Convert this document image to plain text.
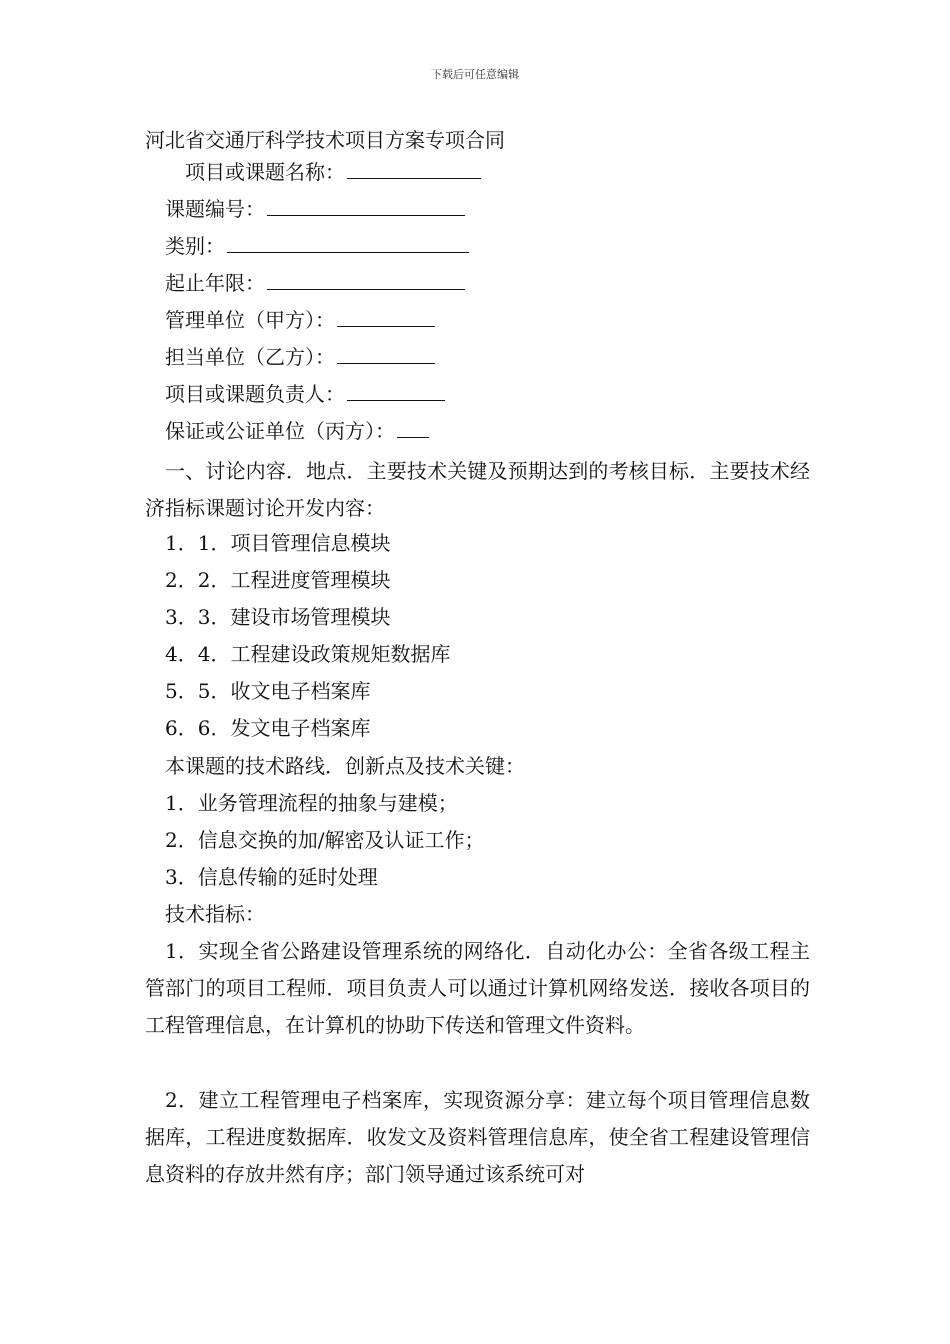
下载后可任意编辑
河北省交通厅科学技术项目方案专项合同
项目或课题名称：
课题编号：
类别：
起止年限：
管理单位（甲方）：
担当单位（乙方）：
项目或课题负责人：
保证或公证单位（丙方）：
一、讨论内容．地点．主要技术关键及预期达到的考核目标．主要技术经济指标课题讨论开发内容：
1．1．项目管理信息模块
2．2．工程进度管理模块
3．3．建设市场管理模块
4．4．工程建设政策规矩数据库
5．5．收文电子档案库
6．6．发文电子档案库
本课题的技术路线．创新点及技术关键：
1．业务管理流程的抽象与建模；
2．信息交换的加/解密及认证工作；
3．信息传输的延时处理
技术指标：
1．实现全省公路建设管理系统的网络化．自动化办公：全省各级工程主管部门的项目工程师．项目负责人可以通过计算机网络发送．接收各项目的工程管理信息，在计算机的协助下传送和管理文件资料。
2．建立工程管理电子档案库，实现资源分享：建立每个项目管理信息数据库，工程进度数据库．收发文及资料管理信息库，使全省工程建设管理信息资料的存放井然有序；部门领导通过该系统可对
